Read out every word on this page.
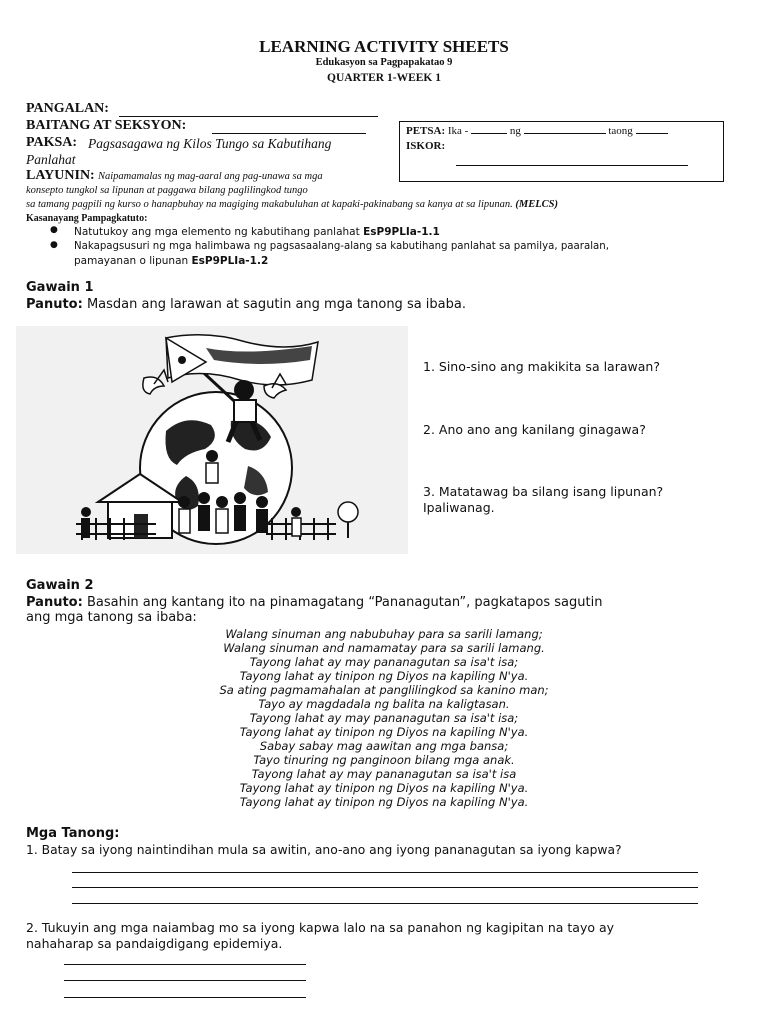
LEARNING ACTIVITY SHEETS
Edukasyon sa Pagpapakatao 9
QUARTER 1-WEEK 1
PANGALAN:
BAITANG AT SEKSYON:
PAKSA: Pagsasagawa ng Kilos Tungo sa Kabutihang
Panlahat
LAYUNIN: Naipamamalas ng mag-aaral ang pag-unawa sa mga
konsepto tungkol sa lipunan at paggawa bilang paglilingkod tungo
sa tamang pagpili ng kurso o hanapbuhay na magiging makabuluhan at kapaki-pakinabang sa kanya at sa lipunan. (MELCS)
PETSA: Ika -	ng	taong
ISKOR:
Kasanayang Pampagkatuto:
● Natutukoy ang mga elemento ng kabutihang panlahat EsP9PLIa-1.1
● Nakapagsusuri ng mga halimbawa ng pagsasaalang-alang sa kabutihang panlahat sa pamilya, paaralan,
pamayanan o lipunan EsP9PLIa-1.2
Gawain 1
Panuto: Masdan ang larawan at sagutin ang mga tanong sa ibaba.
1. Sino-sino ang makikita sa larawan?
2. Ano ano ang kanilang ginagawa?
3. Matatawag ba silang isang lipunan?
Ipaliwanag.
Gawain 2
Panuto: Basahin ang kantang ito na pinamagatang “Pananagutan”, pagkatapos sagutin
ang mga tanong sa ibaba:
Walang sinuman ang nabubuhay para sa sarili lamang;
Walang sinuman and namamatay para sa sarili lamang.
Tayong lahat ay may pananagutan sa isa't isa;
Tayong lahat ay tinipon ng Diyos na kapiling N'ya.
Sa ating pagmamahalan at panglilingkod sa kanino man;
Tayo ay magdadala ng balita na kaligtasan.
Tayong lahat ay may pananagutan sa isa't isa;
Tayong lahat ay tinipon ng Diyos na kapiling N'ya.
Sabay sabay mag aawitan ang mga bansa;
Tayo tinuring ng panginoon bilang mga anak.
Tayong lahat ay may pananagutan sa isa't isa
Tayong lahat ay tinipon ng Diyos na kapiling N'ya.
Tayong lahat ay tinipon ng Diyos na kapiling N'ya.
Mga Tanong:
1. Batay sa iyong naintindihan mula sa awitin, ano-ano ang iyong pananagutan sa iyong kapwa?
2. Tukuyin ang mga naiambag mo sa iyong kapwa lalo na sa panahon ng kagipitan na tayo ay
nahaharap sa pandaigdigang epidemiya.
